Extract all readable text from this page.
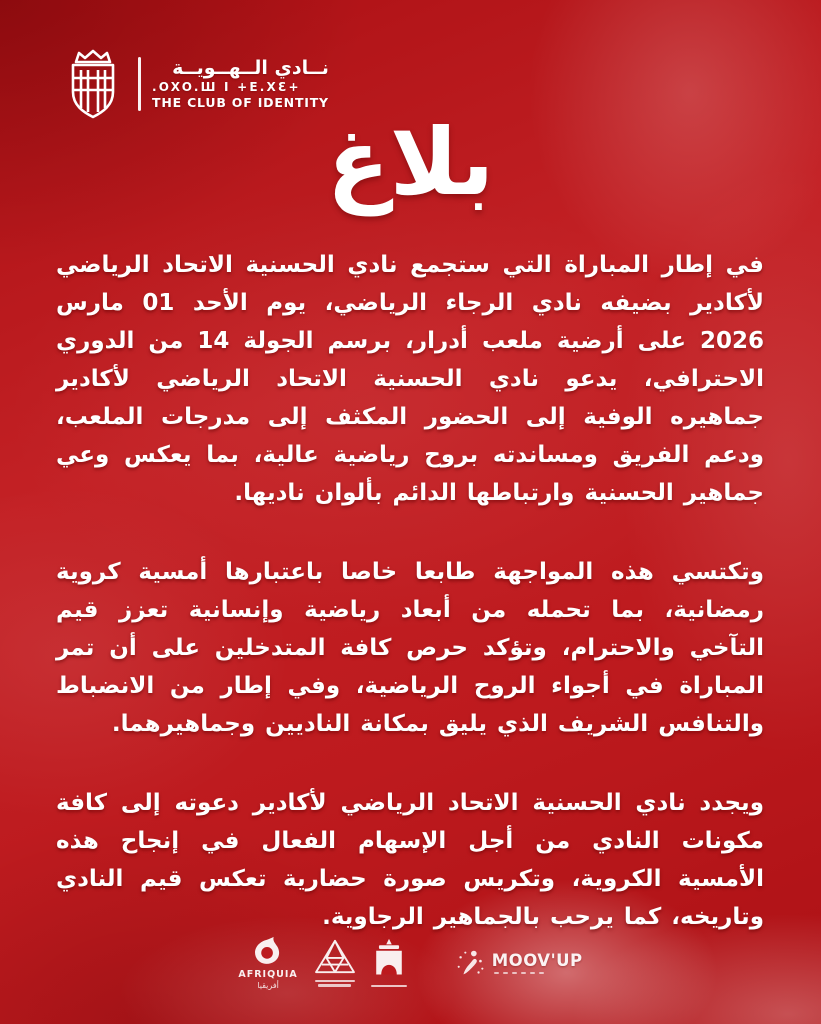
نــادي الــهــويــة
.OXO.Ш I +E.XƐ+
THE CLUB OF IDENTITY
بلاغ

في إطار المباراة التي ستجمع نادي الحسنية الاتحاد الرياضي لأكادير بضيفه نادي الرجاء الرياضي، يوم الأحد 01 مارس 2026 على أرضية ملعب أدرار، برسم الجولة 14 من الدوري الاحترافي، يدعو نادي الحسنية الاتحاد الرياضي لأكادير جماهيره الوفية إلى الحضور المكثف إلى مدرجات الملعب، ودعم الفريق ومساندته بروح رياضية عالية، بما يعكس وعي جماهير الحسنية وارتباطها الدائم بألوان ناديها.

وتكتسي هذه المواجهة طابعا خاصا باعتبارها أمسية كروية رمضانية، بما تحمله من أبعاد رياضية وإنسانية تعزز قيم التآخي والاحترام، وتؤكد حرص كافة المتدخلين على أن تمر المباراة في أجواء الروح الرياضية، وفي إطار من الانضباط والتنافس الشريف الذي يليق بمكانة الناديين وجماهيرهما.

ويجدد نادي الحسنية الاتحاد الرياضي لأكادير دعوته إلى كافة مكونات النادي من أجل الإسهام الفعال في إنجاح هذه الأمسية الكروية، وتكريس صورة حضارية تعكس قيم النادي وتاريخه، كما يرحب بالجماهير الرجاوية.

AFRIQUIA
أفريقيا
MOOV'UP
